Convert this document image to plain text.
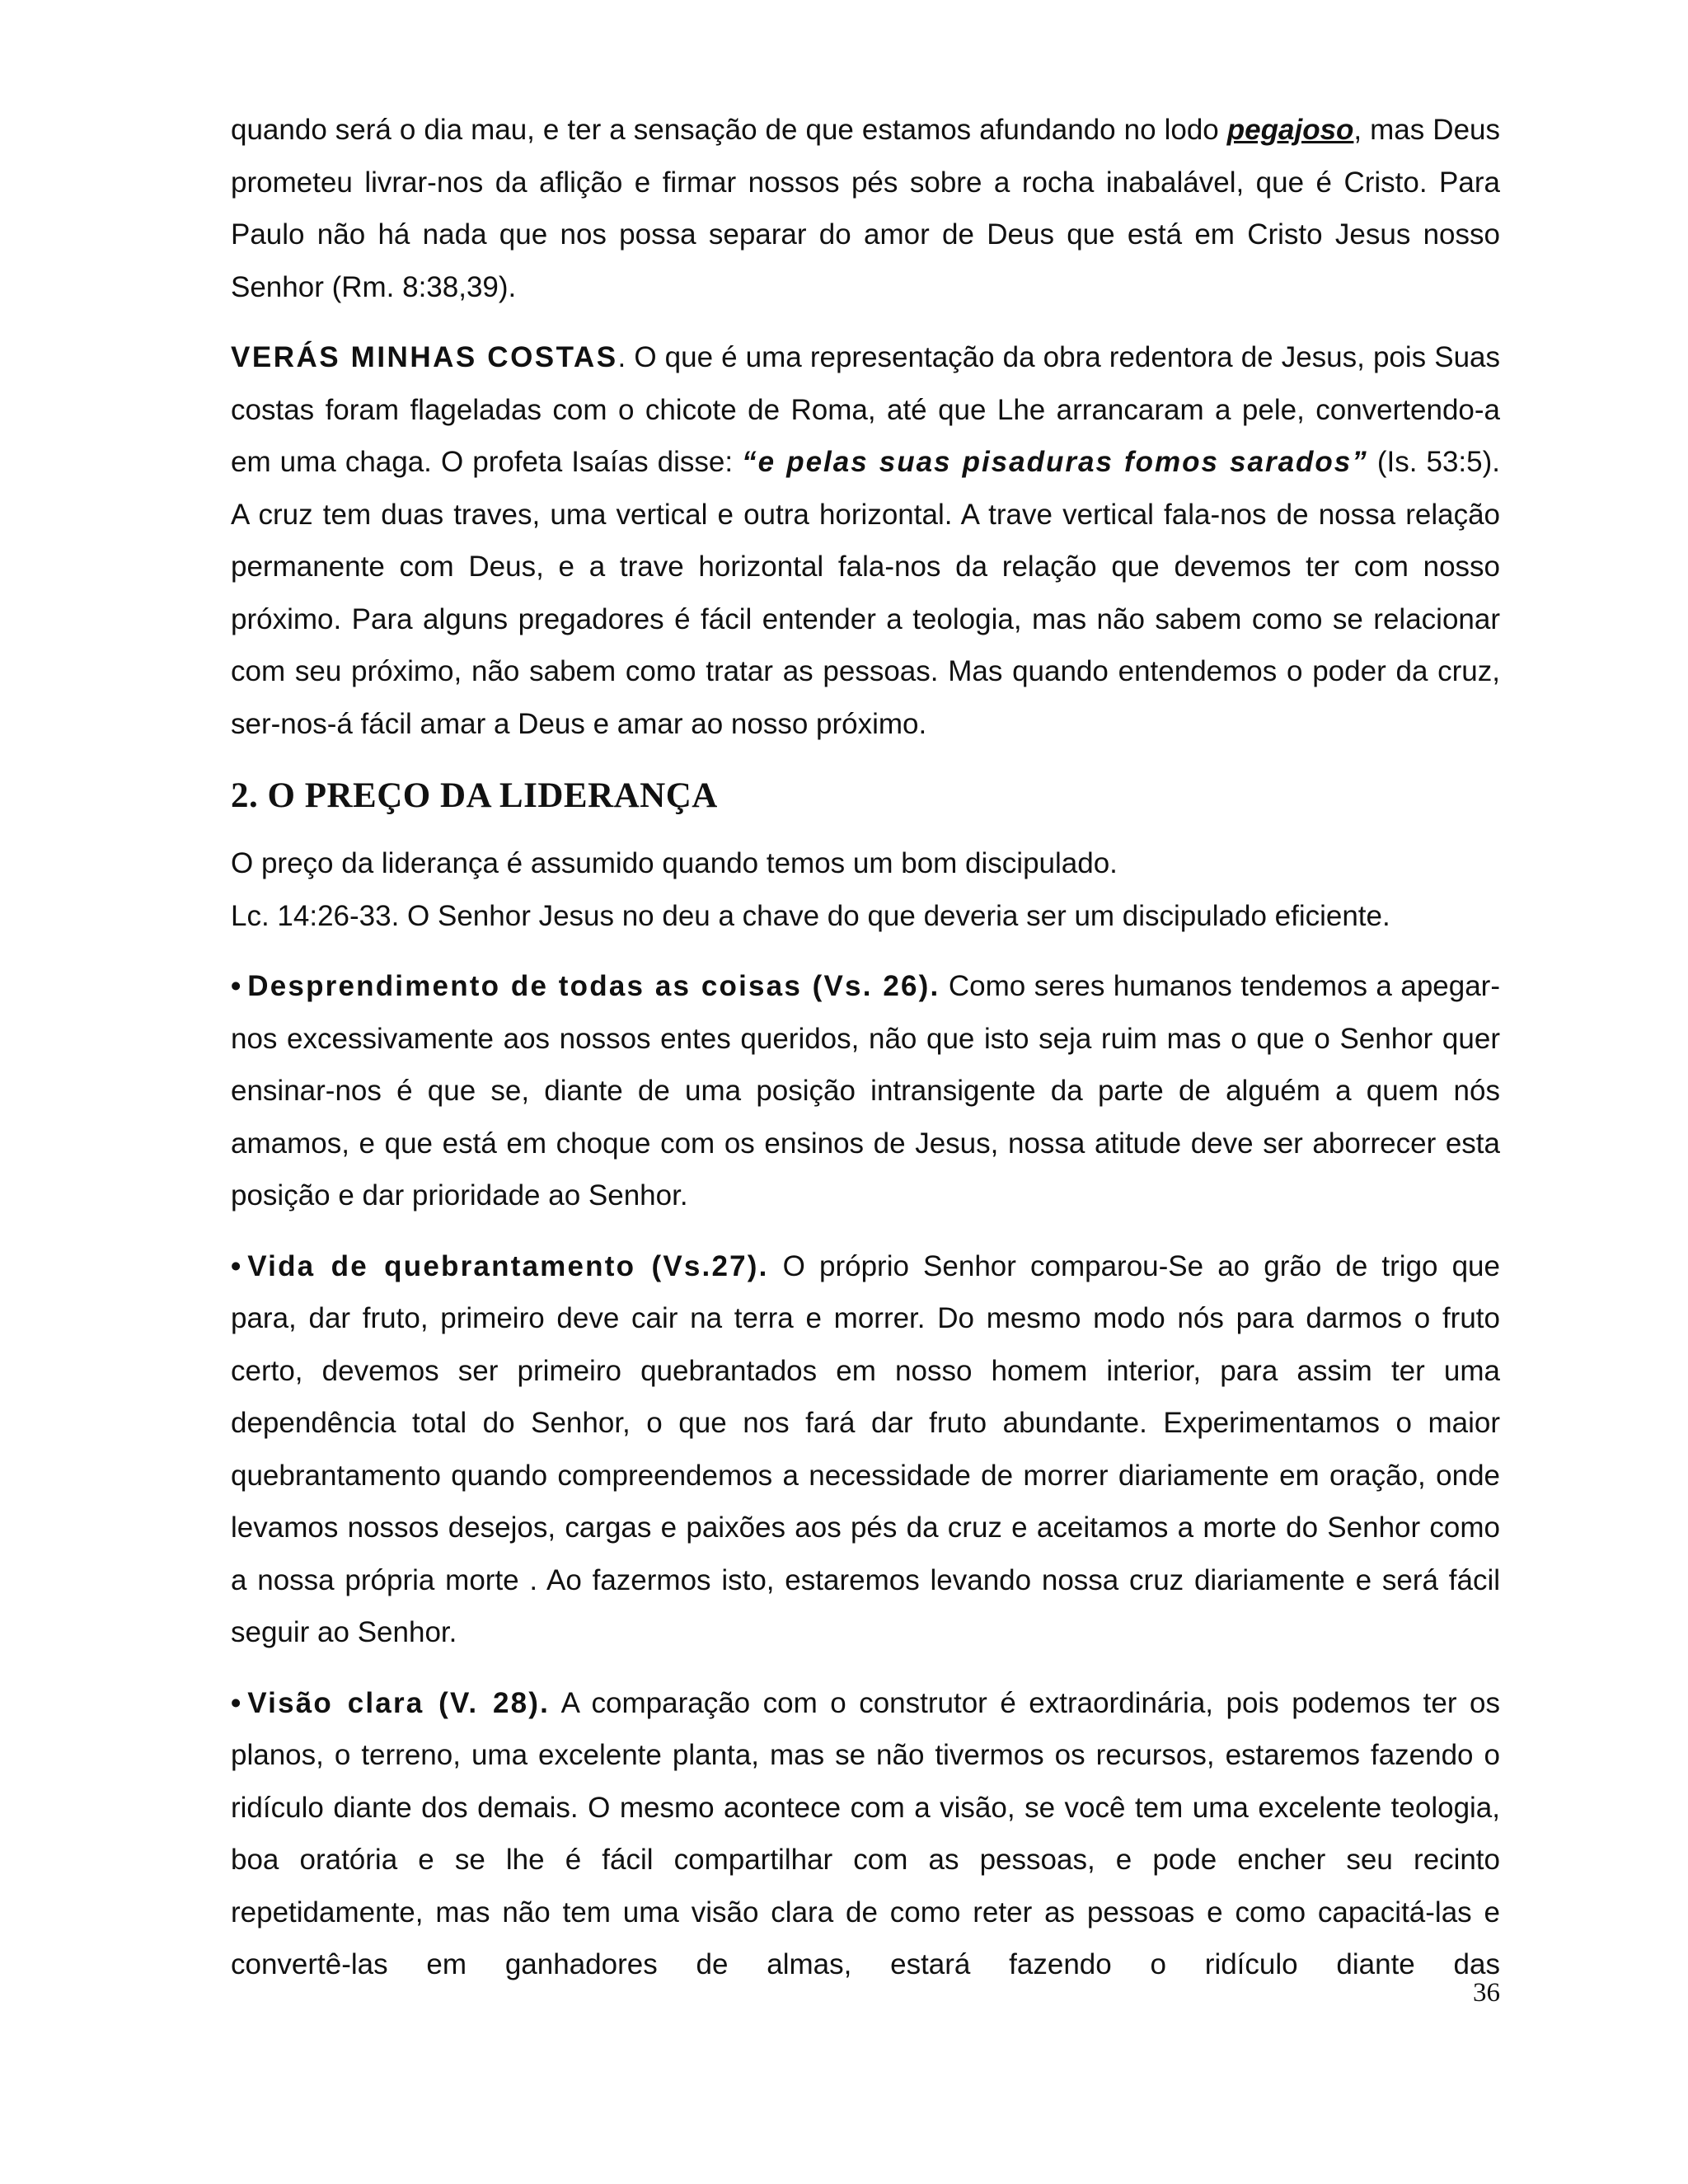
quando será o dia mau, e ter a sensação de que estamos afundando no lodo pegajoso, mas Deus prometeu livrar-nos da aflição e firmar nossos pés sobre a rocha inabalável, que é Cristo. Para Paulo não há nada que nos possa separar do amor de Deus que está em Cristo Jesus nosso Senhor (Rm. 8:38,39).

VERÁS MINHAS COSTAS. O que é uma representação da obra redentora de Jesus, pois Suas costas foram flageladas com o chicote de Roma, até que Lhe arrancaram a pele, convertendo-a em uma chaga. O profeta Isaías disse: “e pelas suas pisaduras fomos sarados” (Is. 53:5). A cruz tem duas traves, uma vertical e outra horizontal. A trave vertical fala-nos de nossa relação permanente com Deus, e a trave horizontal fala-nos da relação que devemos ter com nosso próximo. Para alguns pregadores é fácil entender a teologia, mas não sabem como se relacionar com seu próximo, não sabem como tratar as pessoas. Mas quando entendemos o poder da cruz, ser-nos-á fácil amar a Deus e amar ao nosso próximo.

2. O PREÇO DA LIDERANÇA

O preço da liderança é assumido quando temos um bom discipulado.

Lc. 14:26-33. O Senhor Jesus no deu a chave do que deveria ser um discipulado eficiente.

• Desprendimento de todas as coisas (Vs. 26). Como seres humanos tendemos a apegar-nos excessivamente aos nossos entes queridos, não que isto seja ruim mas o que o Senhor quer ensinar-nos é que se, diante de uma posição intransigente da parte de alguém a quem nós amamos, e que está em choque com os ensinos de Jesus, nossa atitude deve ser aborrecer esta posição e dar prioridade ao Senhor.

• Vida de quebrantamento (Vs.27). O próprio Senhor comparou-Se ao grão de trigo que para, dar fruto, primeiro deve cair na terra e morrer. Do mesmo modo nós para darmos o fruto certo, devemos ser primeiro quebrantados em nosso homem interior, para assim ter uma dependência total do Senhor, o que nos fará dar fruto abundante. Experimentamos o maior quebrantamento quando compreendemos a necessidade de morrer diariamente em oração, onde levamos nossos desejos, cargas e paixões aos pés da cruz e aceitamos a morte do Senhor como a nossa própria morte . Ao fazermos isto, estaremos levando nossa cruz diariamente e será fácil seguir ao Senhor.

• Visão clara (V. 28). A comparação com o construtor é extraordinária, pois podemos ter os planos, o terreno, uma excelente planta, mas se não tivermos os recursos, estaremos fazendo o ridículo diante dos demais. O mesmo acontece com a visão, se você tem uma excelente teologia, boa oratória e se lhe é fácil compartilhar com as pessoas, e pode encher seu recinto repetidamente, mas não tem uma visão clara de como reter as pessoas e como capacitá-las e convertê-las em ganhadores de almas, estará fazendo o ridículo diante das

36
